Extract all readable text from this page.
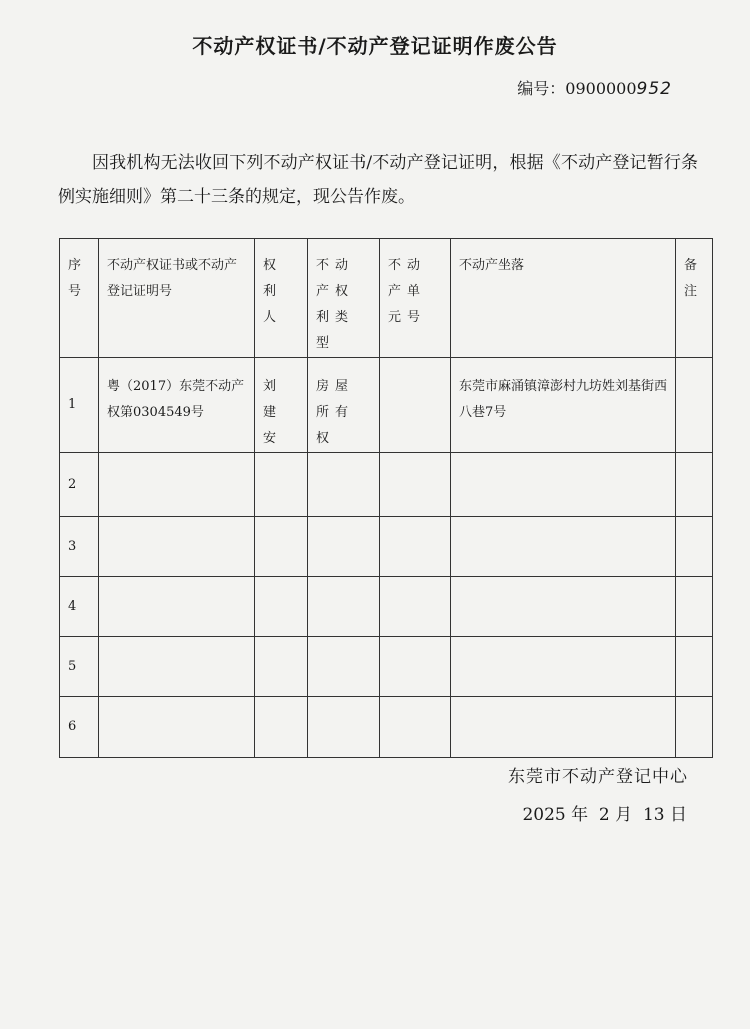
不动产权证书/不动产登记证明作废公告
编号：0900000952
因我机构无法收回下列不动产权证书/不动产登记证明，根据《不动产登记暂行条例实施细则》第二十三条的规定，现公告作废。
序号	不动产权证书或不动产登记证明号	权利人	不动产权利类型	不动产单元号	不动产坐落	备注
1	粤（2017）东莞不动产权第0304549号	刘建安	房屋所有权		东莞市麻涌镇漳澎村九坊姓刘基街西八巷7号	
2						
3						
4						
5						
6						
东莞市不动产登记中心
2025 年  2 月  13 日
